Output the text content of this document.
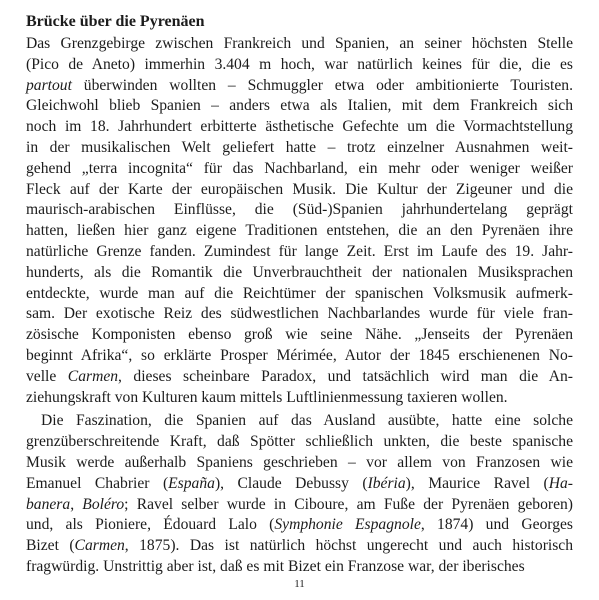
Brücke über die Pyrenäen
Das Grenzgebirge zwischen Frankreich und Spanien, an seiner höchsten Stelle
(Pico de Aneto) immerhin 3.404 m hoch, war natürlich keines für die, die es
partout überwinden wollten – Schmuggler etwa oder ambitionierte Touristen.
Gleichwohl blieb Spanien – anders etwa als Italien, mit dem Frankreich sich
noch im 18. Jahrhundert erbitterte ästhetische Gefechte um die Vormachtstellung
in der musikalischen Welt geliefert hatte – trotz einzelner Ausnahmen weit-
gehend „terra incognita“ für das Nachbarland, ein mehr oder weniger weißer
Fleck auf der Karte der europäischen Musik. Die Kultur der Zigeuner und die
maurisch-arabischen Einflüsse, die (Süd-)Spanien jahrhundertelang geprägt
hatten, ließen hier ganz eigene Traditionen entstehen, die an den Pyrenäen ihre
natürliche Grenze fanden. Zumindest für lange Zeit. Erst im Laufe des 19. Jahr-
hunderts, als die Romantik die Unverbrauchtheit der nationalen Musiksprachen
entdeckte, wurde man auf die Reichtümer der spanischen Volksmusik aufmerk-
sam. Der exotische Reiz des südwestlichen Nachbarlandes wurde für viele fran-
zösische Komponisten ebenso groß wie seine Nähe. „Jenseits der Pyrenäen
beginnt Afrika“, so erklärte Prosper Mérimée, Autor der 1845 erschienenen No-
velle Carmen, dieses scheinbare Paradox, und tatsächlich wird man die An-
ziehungskraft von Kulturen kaum mittels Luftlinienmessung taxieren wollen.
Die Faszination, die Spanien auf das Ausland ausübte, hatte eine solche
grenzüberschreitende Kraft, daß Spötter schließlich unkten, die beste spanische
Musik werde außerhalb Spaniens geschrieben – vor allem von Franzosen wie
Emanuel Chabrier (España), Claude Debussy (Ibéria), Maurice Ravel (Ha-
banera, Boléro; Ravel selber wurde in Ciboure, am Fuße der Pyrenäen geboren)
und, als Pioniere, Édouard Lalo (Symphonie Espagnole, 1874) und Georges
Bizet (Carmen, 1875). Das ist natürlich höchst ungerecht und auch historisch
fragwürdig. Unstrittig aber ist, daß es mit Bizet ein Franzose war, der iberisches
11
